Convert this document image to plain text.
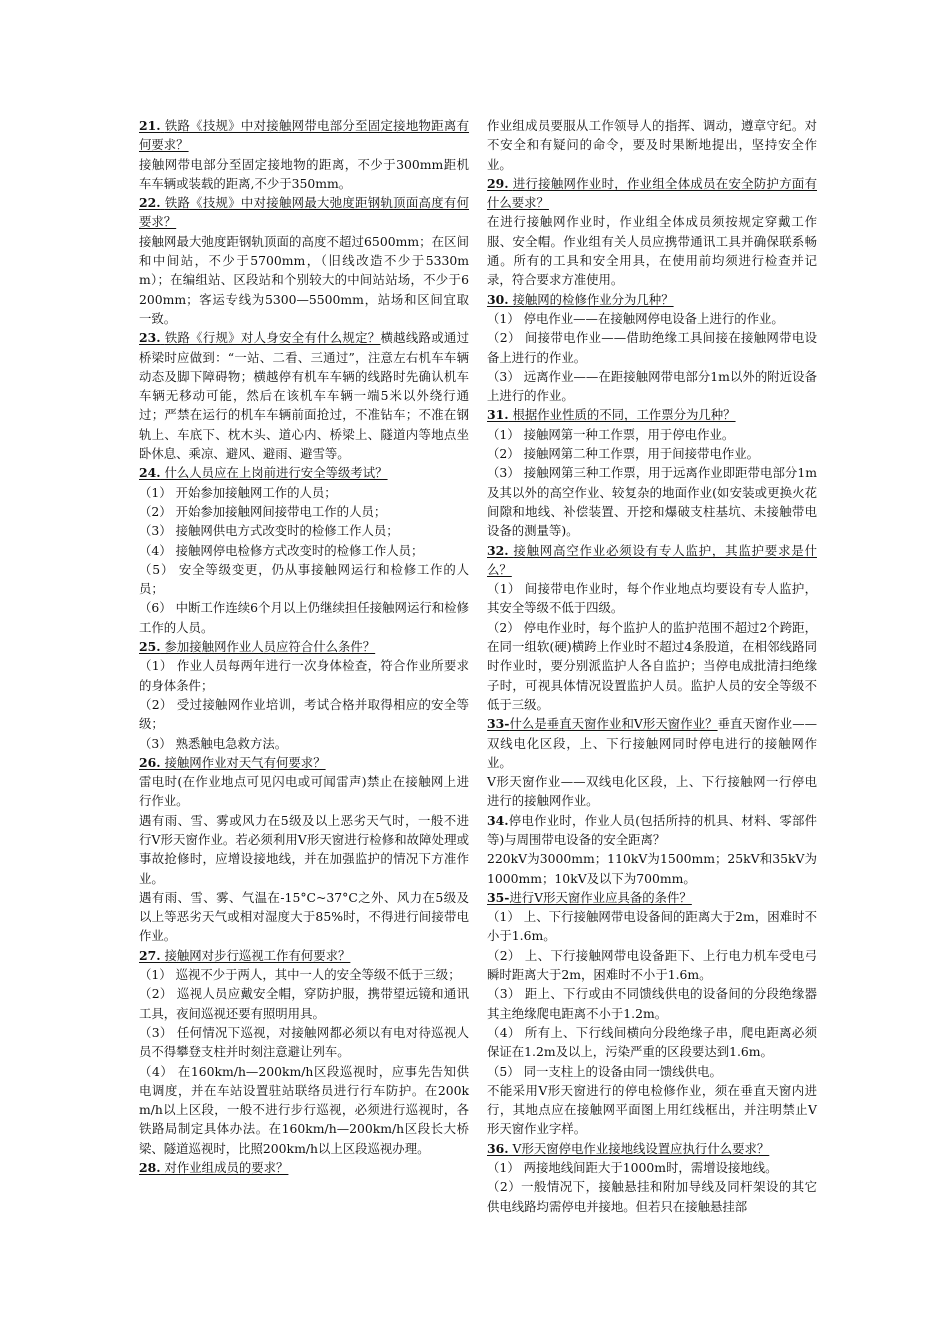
21. 铁路《技规》中对接触网带电部分至固定接地物距离有何要求？

接触网带电部分至固定接地物的距离，不少于300mm距机车车辆或装载的距离,不少于350mm。

22. 铁路《技规》中对接触网最大弛度距钢轨顶面高度有何要求？

接触网最大弛度距钢轨顶面的高度不超过6500mm；在区间和中间站，不少于5700mm，（旧线改造不少于5330mm）；在编组站、区段站和个别较大的中间站站场，不少于6200mm；客运专线为5300—5500mm，站场和区间宜取一致。

23. 铁路《行规》对人身安全有什么规定？横越线路或通过桥梁时应做到：“一站、二看、三通过”，注意左右机车车辆动态及脚下障碍物；横越停有机车车辆的线路时先确认机车车辆无移动可能，然后在该机车车辆一端5米以外绕行通过；严禁在运行的机车车辆前面抢过，不准钻车；不准在钢轨上、车底下、枕木头、道心内、桥梁上、隧道内等地点坐卧休息、乘凉、避风、避雨、避雪等。

24. 什么人员应在上岗前进行安全等级考试？

（1） 开始参加接触网工作的人员；

（2） 开始参加接触网间接带电工作的人员；

（3） 接触网供电方式改变时的检修工作人员；

（4） 接触网停电检修方式改变时的检修工作人员；

（5） 安全等级变更，仍从事接触网运行和检修工作的人员；

（6） 中断工作连续6个月以上仍继续担任接触网运行和检修工作的人员。

25. 参加接触网作业人员应符合什么条件？

（1） 作业人员每两年进行一次身体检查，符合作业所要求的身体条件；

（2） 受过接触网作业培训，考试合格并取得相应的安全等级；

（3） 熟悉触电急救方法。

26. 接触网作业对天气有何要求？

雷电时(在作业地点可见闪电或可闻雷声)禁止在接触网上进行作业。

遇有雨、雪、雾或风力在5级及以上恶劣天气时，一般不进行V形天窗作业。若必须利用V形天窗进行检修和故障处理或事故抢修时，应增设接地线，并在加强监护的情况下方准作业。

遇有雨、雪、雾、气温在-15°C~37°C之外、风力在5级及以上等恶劣天气或相对湿度大于85%时，不得进行间接带电作业。

27. 接触网对步行巡视工作有何要求？

（1） 巡视不少于两人，其中一人的安全等级不低于三级；

（2） 巡视人员应戴安全帽，穿防护服，携带望远镜和通讯工具，夜间巡视还要有照明用具。

（3） 任何情况下巡视，对接触网都必须以有电对待巡视人员不得攀登支柱并时刻注意避让列车。

（4） 在160km/h—200km/h区段巡视时，应事先告知供电调度，并在车站设置驻站联络员进行行车防护。在200km/h以上区段，一般不进行步行巡视，必须进行巡视时，各铁路局制定具体办法。在160km/h—200km/h区段长大桥梁、隧道巡视时，比照200km/h以上区段巡视办理。

28. 对作业组成员的要求？

作业组成员要服从工作领导人的指挥、调动，遵章守纪。对不安全和有疑问的命令，要及时果断地提出，坚持安全作业。

29. 进行接触网作业时，作业组全体成员在安全防护方面有什么要求？

在进行接触网作业时，作业组全体成员须按规定穿戴工作服、安全帽。作业组有关人员应携带通讯工具并确保联系畅通。所有的工具和安全用具，在使用前均须进行检查并记录，符合要求方准使用。

30. 接触网的检修作业分为几种？

（1） 停电作业——在接触网停电设备上进行的作业。

（2） 间接带电作业——借助绝缘工具间接在接触网带电设备上进行的作业。

（3） 远离作业——在距接触网带电部分1m以外的附近设备上进行的作业。

31. 根据作业性质的不同，工作票分为几种？

（1） 接触网第一种工作票，用于停电作业。

（2） 接触网第二种工作票，用于间接带电作业。

（3） 接触网第三种工作票，用于远离作业即距带电部分1m及其以外的高空作业、较复杂的地面作业(如安装或更换火花间隙和地线、补偿装置、开挖和爆破支柱基坑、未接触带电设备的测量等)。

32. 接触网高空作业必须设有专人监护，其监护要求是什么？

（1） 间接带电作业时，每个作业地点均要设有专人监护，其安全等级不低于四级。

（2） 停电作业时，每个监护人的监护范围不超过2个跨距，在同一组软(硬)横跨上作业时不超过4条股道，在相邻线路同时作业时，要分别派监护人各自监护；当停电成批清扫绝缘子时，可视具体情况设置监护人员。监护人员的安全等级不低于三级。

33-什么是垂直天窗作业和V形天窗作业？垂直天窗作业——双线电化区段，上、下行接触网同时停电进行的接触网作业。

V形天窗作业——双线电化区段，上、下行接触网一行停电进行的接触网作业。

34.停电作业时，作业人员(包括所持的机具、材料、零部件等)与周围带电设备的安全距离？

220kV为3000mm；110kV为1500mm；25kV和35kV为1000mm；10kV及以下为700mm。

35-进行V形天窗作业应具备的条件？

（1） 上、下行接触网带电设备间的距离大于2m，困难时不小于1.6m。

（2） 上、下行接触网带电设备距下、上行电力机车受电弓瞬时距离大于2m，困难时不小于1.6m。

（3） 距上、下行或由不同馈线供电的设备间的分段绝缘器其主绝缘爬电距离不小于1.2m。

（4） 所有上、下行线间横向分段绝缘子串，爬电距离必须保证在1.2m及以上，污染严重的区段要达到1.6m。

（5） 同一支柱上的设备由同一馈线供电。

不能采用V形天窗进行的停电检修作业，须在垂直天窗内进行，其地点应在接触网平面图上用红线框出，并注明禁止V形天窗作业字样。

36. V形天窗停电作业接地线设置应执行什么要求？

（1） 两接地线间距大于1000m时，需增设接地线。

（2）一般情况下，接触悬挂和附加导线及同杆架设的其它供电线路均需停电并接地。但若只在接触悬挂部
